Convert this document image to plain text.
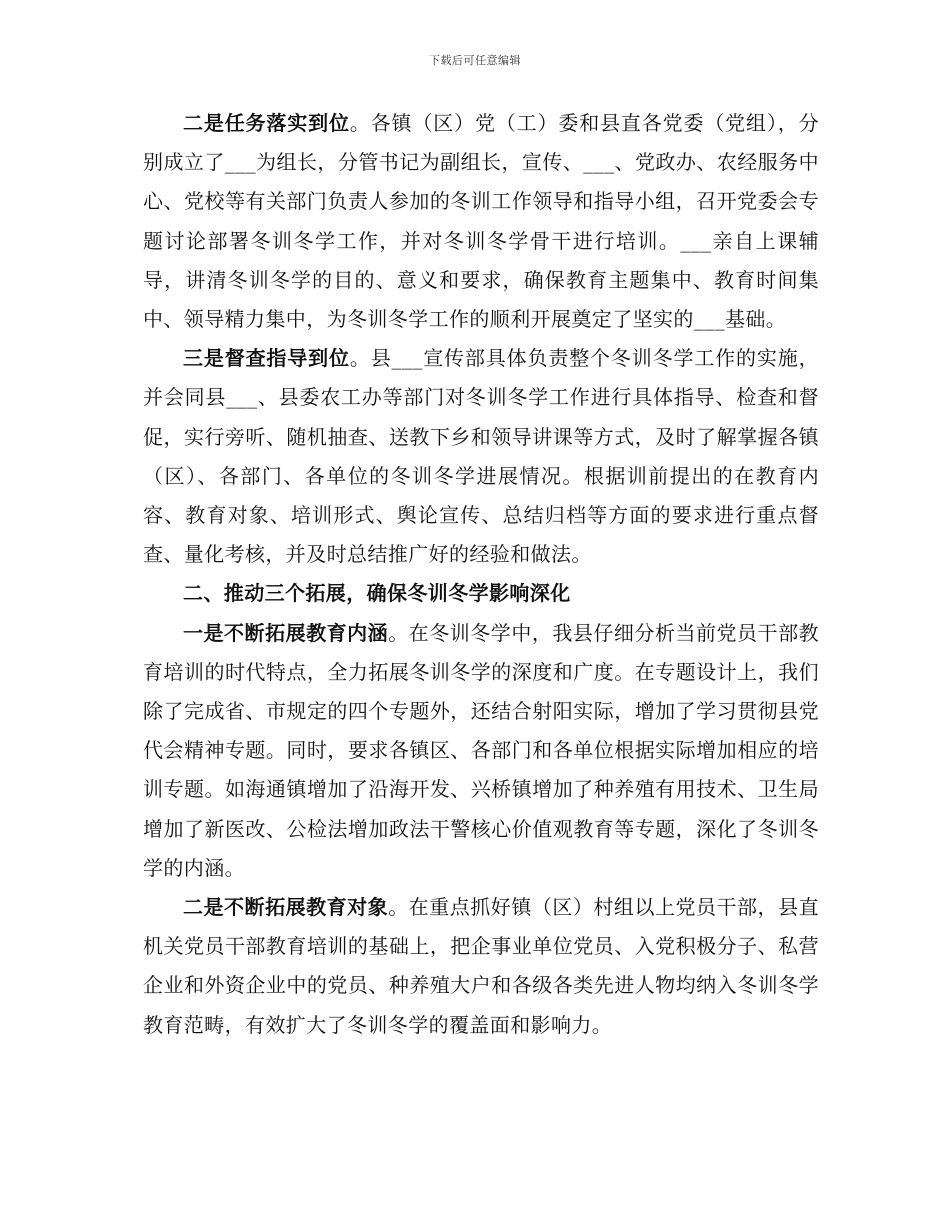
下载后可任意编辑

二是任务落实到位。各镇（区）党（工）委和县直各党委（党组），分别成立了___为组长，分管书记为副组长，宣传、___、党政办、农经服务中心、党校等有关部门负责人参加的冬训工作领导和指导小组，召开党委会专题讨论部署冬训冬学工作，并对冬训冬学骨干进行培训。___亲自上课辅导，讲清冬训冬学的目的、意义和要求，确保教育主题集中、教育时间集中、领导精力集中，为冬训冬学工作的顺利开展奠定了坚实的___基础。

三是督查指导到位。县___宣传部具体负责整个冬训冬学工作的实施，并会同县___、县委农工办等部门对冬训冬学工作进行具体指导、检查和督促，实行旁听、随机抽查、送教下乡和领导讲课等方式，及时了解掌握各镇（区）、各部门、各单位的冬训冬学进展情况。根据训前提出的在教育内容、教育对象、培训形式、舆论宣传、总结归档等方面的要求进行重点督查、量化考核，并及时总结推广好的经验和做法。

二、推动三个拓展，确保冬训冬学影响深化

一是不断拓展教育内涵。在冬训冬学中，我县仔细分析当前党员干部教育培训的时代特点，全力拓展冬训冬学的深度和广度。在专题设计上，我们除了完成省、市规定的四个专题外，还结合射阳实际，增加了学习贯彻县党代会精神专题。同时，要求各镇区、各部门和各单位根据实际增加相应的培训专题。如海通镇增加了沿海开发、兴桥镇增加了种养殖有用技术、卫生局增加了新医改、公检法增加政法干警核心价值观教育等专题，深化了冬训冬学的内涵。

二是不断拓展教育对象。在重点抓好镇（区）村组以上党员干部，县直机关党员干部教育培训的基础上，把企事业单位党员、入党积极分子、私营企业和外资企业中的党员、种养殖大户和各级各类先进人物均纳入冬训冬学教育范畴，有效扩大了冬训冬学的覆盖面和影响力。
